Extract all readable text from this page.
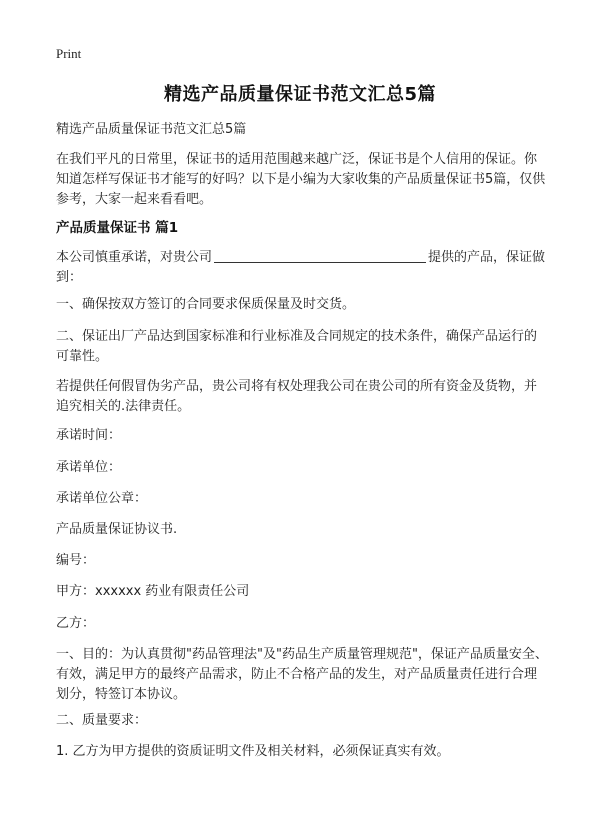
Print
精选产品质量保证书范文汇总5篇
精选产品质量保证书范文汇总5篇
在我们平凡的日常里，保证书的适用范围越来越广泛，保证书是个人信用的保证。你知道怎样写保证书才能写的好吗？以下是小编为大家收集的产品质量保证书5篇，仅供参考，大家一起来看看吧。
产品质量保证书 篇1
本公司慎重承诺，对贵公司	提供的产品，保证做到：
一、确保按双方签订的合同要求保质保量及时交货。
二、保证出厂产品达到国家标准和行业标准及合同规定的技术条件，确保产品运行的可靠性。
若提供任何假冒伪劣产品，贵公司将有权处理我公司在贵公司的所有资金及货物，并追究相关的.法律责任。
承诺时间：
承诺单位：
承诺单位公章：
产品质量保证协议书.
编号：
甲方：xxxxxx 药业有限责任公司
乙方：
一、目的：为认真贯彻"药品管理法"及"药品生产质量管理规范"，保证产品质量安全、有效，满足甲方的最终产品需求，防止不合格产品的发生，对产品质量责任进行合理划分，特签订本协议。
二、质量要求：
1. 乙方为甲方提供的资质证明文件及相关材料，必须保证真实有效。
